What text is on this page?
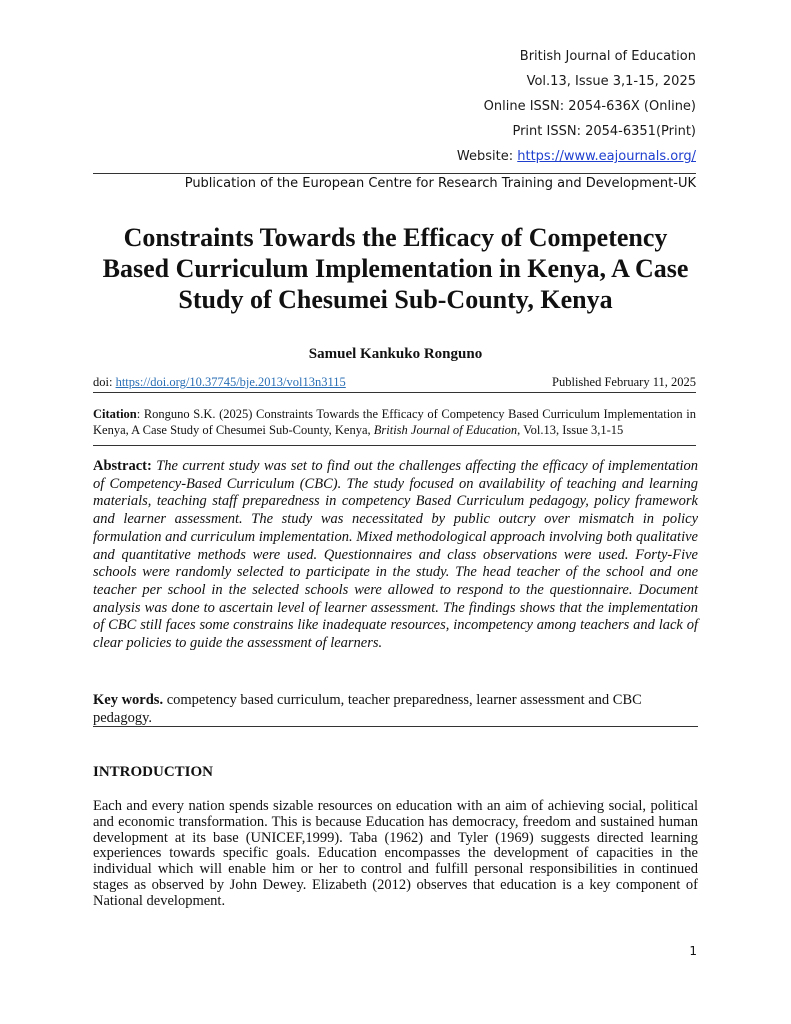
British Journal of Education
Vol.13, Issue 3,1-15, 2025
Online ISSN: 2054-636X (Online)
Print ISSN: 2054-6351(Print)
Website: https://www.eajournals.org/
Publication of the European Centre for Research Training and Development-UK
Constraints Towards the Efficacy of Competency Based Curriculum Implementation in Kenya, A Case Study of Chesumei Sub-County, Kenya
Samuel Kankuko Ronguno
doi: https://doi.org/10.37745/bje.2013/vol13n3115	Published February 11, 2025
Citation: Ronguno S.K. (2025) Constraints Towards the Efficacy of Competency Based Curriculum Implementation in Kenya, A Case Study of Chesumei Sub-County, Kenya, British Journal of Education, Vol.13, Issue 3,1-15
Abstract: The current study was set to find out the challenges affecting the efficacy of implementation of Competency-Based Curriculum (CBC). The study focused on availability of teaching and learning materials, teaching staff preparedness in competency Based Curriculum pedagogy, policy framework and learner assessment. The study was necessitated by public outcry over mismatch in policy formulation and curriculum implementation. Mixed methodological approach involving both qualitative and quantitative methods were used. Questionnaires and class observations were used. Forty-Five schools were randomly selected to participate in the study. The head teacher of the school and one teacher per school in the selected schools were allowed to respond to the questionnaire. Document analysis was done to ascertain level of learner assessment. The findings shows that the implementation of CBC still faces some constrains like inadequate resources, incompetency among teachers and lack of clear policies to guide the assessment of learners.
Key words. competency based curriculum, teacher preparedness, learner assessment and CBC pedagogy.
INTRODUCTION

Each and every nation spends sizable resources on education with an aim of achieving social, political and economic transformation. This is because Education has democracy, freedom and sustained human development at its base (UNICEF,1999). Taba (1962) and Tyler (1969) suggests directed learning experiences towards specific goals. Education encompasses the development of capacities in the individual which will enable him or her to control and fulfill personal responsibilities in continued stages as observed by John Dewey. Elizabeth (2012) observes that education is a key component of National development.

1
